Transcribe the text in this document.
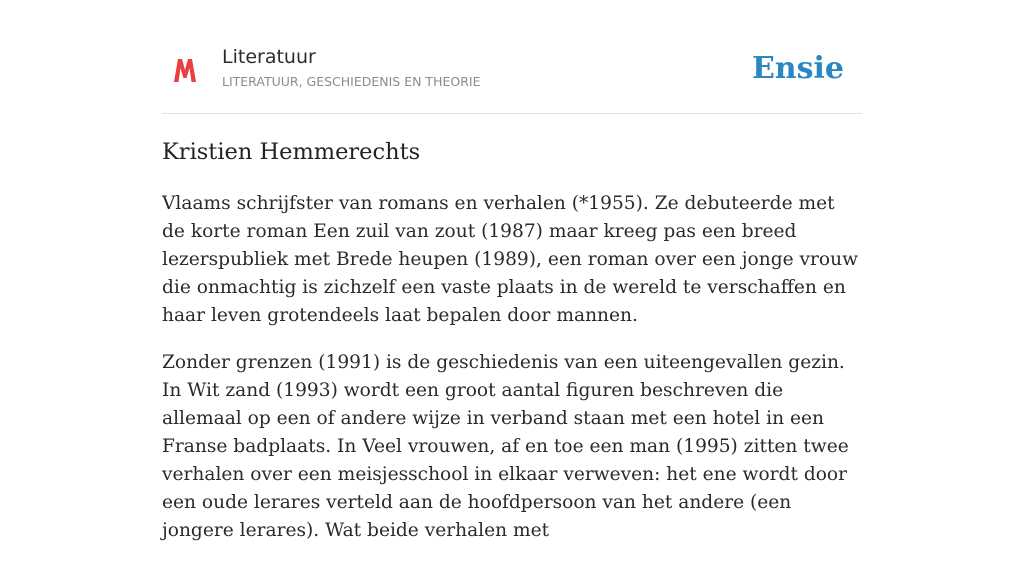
Literatuur
LITERATUUR, GESCHIEDENIS EN THEORIE	Ensie
Kristien Hemmerechts

Vlaams schrijfster van romans en verhalen (*1955). Ze debuteerde met de korte roman Een zuil van zout (1987) maar kreeg pas een breed lezerspubliek met Brede heupen (1989), een roman over een jonge vrouw die onmachtig is zichzelf een vaste plaats in de wereld te verschaffen en haar leven grotendeels laat bepalen door mannen.

Zonder grenzen (1991) is de geschiedenis van een uiteengevallen gezin. In Wit zand (1993) wordt een groot aantal figuren beschreven die allemaal op een of andere wijze in verband staan met een hotel in een Franse badplaats. In Veel vrouwen, af en toe een man (1995) zitten twee verhalen over een meisjesschool in elkaar verweven: het ene wordt door een oude lerares verteld aan de hoofdpersoon van het andere (een jongere lerares). Wat beide verhalen met
